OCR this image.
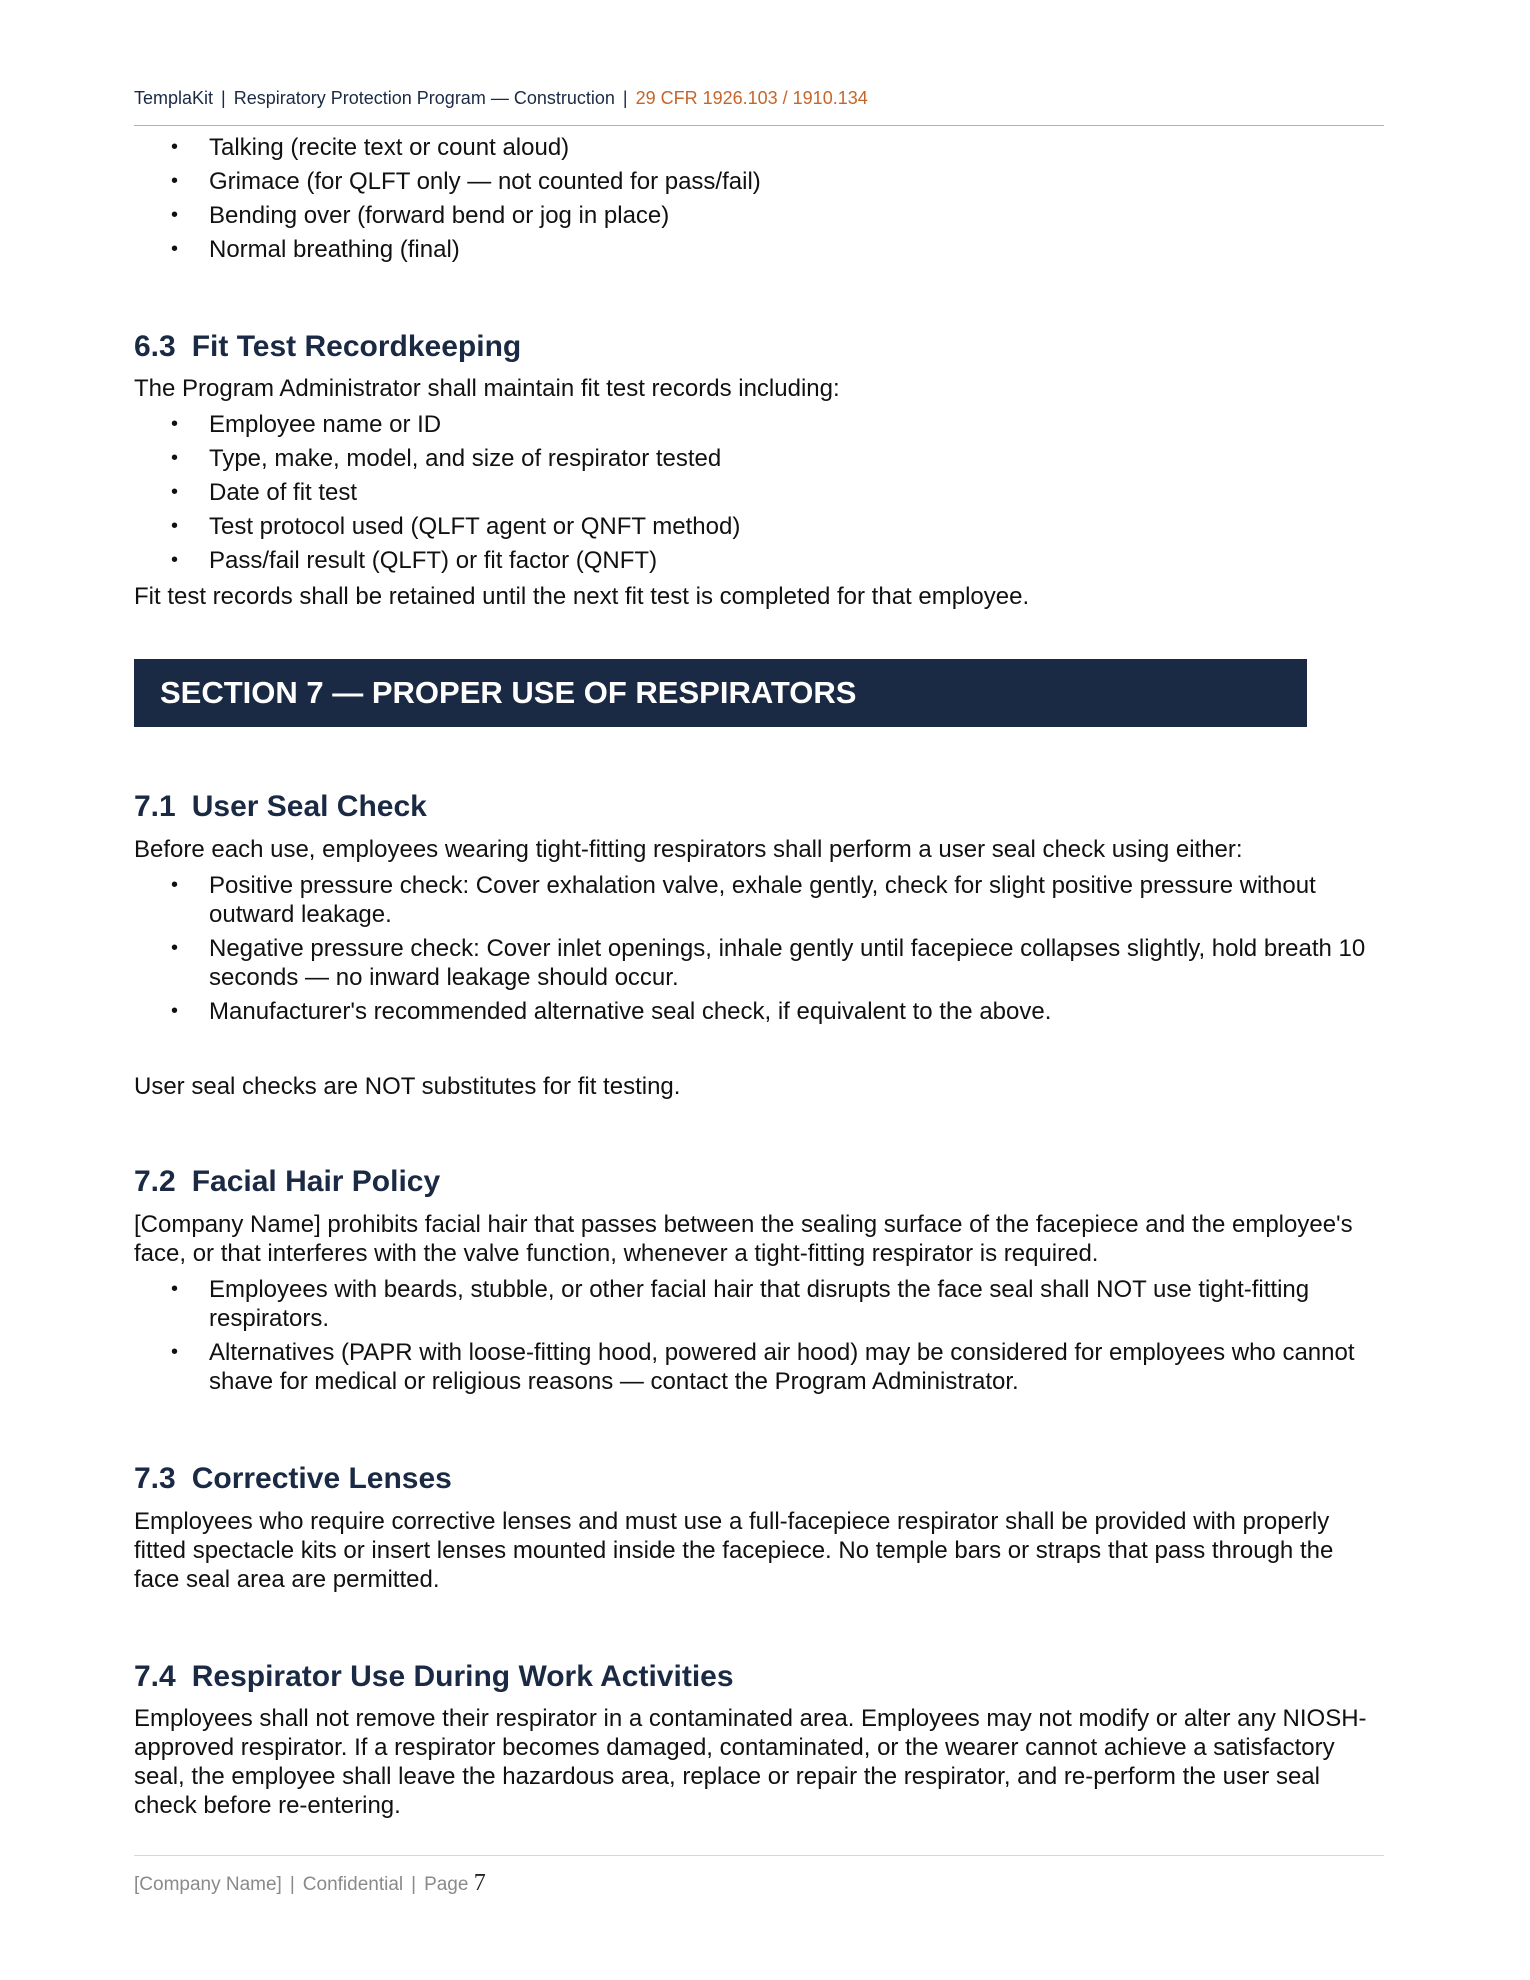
TemplaKit | Respiratory Protection Program — Construction | 29 CFR 1926.103 / 1910.134
• Talking (recite text or count aloud)
• Grimace (for QLFT only — not counted for pass/fail)
• Bending over (forward bend or jog in place)
• Normal breathing (final)
6.3 Fit Test Recordkeeping
The Program Administrator shall maintain fit test records including:
• Employee name or ID
• Type, make, model, and size of respirator tested
• Date of fit test
• Test protocol used (QLFT agent or QNFT method)
• Pass/fail result (QLFT) or fit factor (QNFT)
Fit test records shall be retained until the next fit test is completed for that employee.
SECTION 7 — PROPER USE OF RESPIRATORS
7.1 User Seal Check
Before each use, employees wearing tight-fitting respirators shall perform a user seal check using either:
• Positive pressure check: Cover exhalation valve, exhale gently, check for slight positive pressure without outward leakage.
• Negative pressure check: Cover inlet openings, inhale gently until facepiece collapses slightly, hold breath 10 seconds — no inward leakage should occur.
• Manufacturer's recommended alternative seal check, if equivalent to the above.
User seal checks are NOT substitutes for fit testing.
7.2 Facial Hair Policy
[Company Name] prohibits facial hair that passes between the sealing surface of the facepiece and the employee's face, or that interferes with the valve function, whenever a tight-fitting respirator is required.
• Employees with beards, stubble, or other facial hair that disrupts the face seal shall NOT use tight-fitting respirators.
• Alternatives (PAPR with loose-fitting hood, powered air hood) may be considered for employees who cannot shave for medical or religious reasons — contact the Program Administrator.
7.3 Corrective Lenses
Employees who require corrective lenses and must use a full-facepiece respirator shall be provided with properly fitted spectacle kits or insert lenses mounted inside the facepiece. No temple bars or straps that pass through the face seal area are permitted.
7.4 Respirator Use During Work Activities
Employees shall not remove their respirator in a contaminated area. Employees may not modify or alter any NIOSH-approved respirator. If a respirator becomes damaged, contaminated, or the wearer cannot achieve a satisfactory seal, the employee shall leave the hazardous area, replace or repair the respirator, and re-perform the user seal check before re-entering.
[Company Name] | Confidential | Page 7
